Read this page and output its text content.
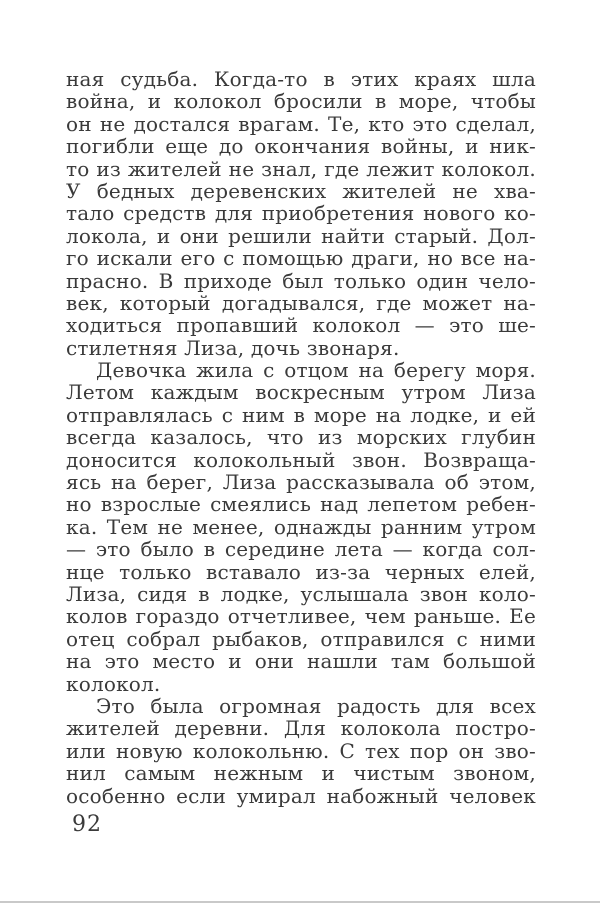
ная судьба. Когда-то в этих краях шла
война, и колокол бросили в море, чтобы
он не достался врагам. Те, кто это сделал,
погибли еще до окончания войны, и ник-
то из жителей не знал, где лежит колокол.
У бедных деревенских жителей не хва-
тало средств для приобретения нового ко-
локола, и они решили найти старый. Дол-
го искали его с помощью драги, но все на-
прасно. В приходе был только один чело-
век, который догадывался, где может на-
ходиться пропавший колокол — это ше-
стилетняя Лиза, дочь звонаря.
Девочка жила с отцом на берегу моря.
Летом каждым воскресным утром Лиза
отправлялась с ним в море на лодке, и ей
всегда казалось, что из морских глубин
доносится колокольный звон. Возвраща-
ясь на берег, Лиза рассказывала об этом,
но взрослые смеялись над лепетом ребен-
ка. Тем не менее, однажды ранним утром
— это было в середине лета — когда сол-
нце только вставало из-за черных елей,
Лиза, сидя в лодке, услышала звон коло-
колов гораздо отчетливее, чем раньше. Ее
отец собрал рыбаков, отправился с ними
на это место и они нашли там большой
колокол.
Это была огромная радость для всех
жителей деревни. Для колокола постро-
или новую колокольню. С тех пор он зво-
нил самым нежным и чистым звоном,
особенно если умирал набожный человек
92
